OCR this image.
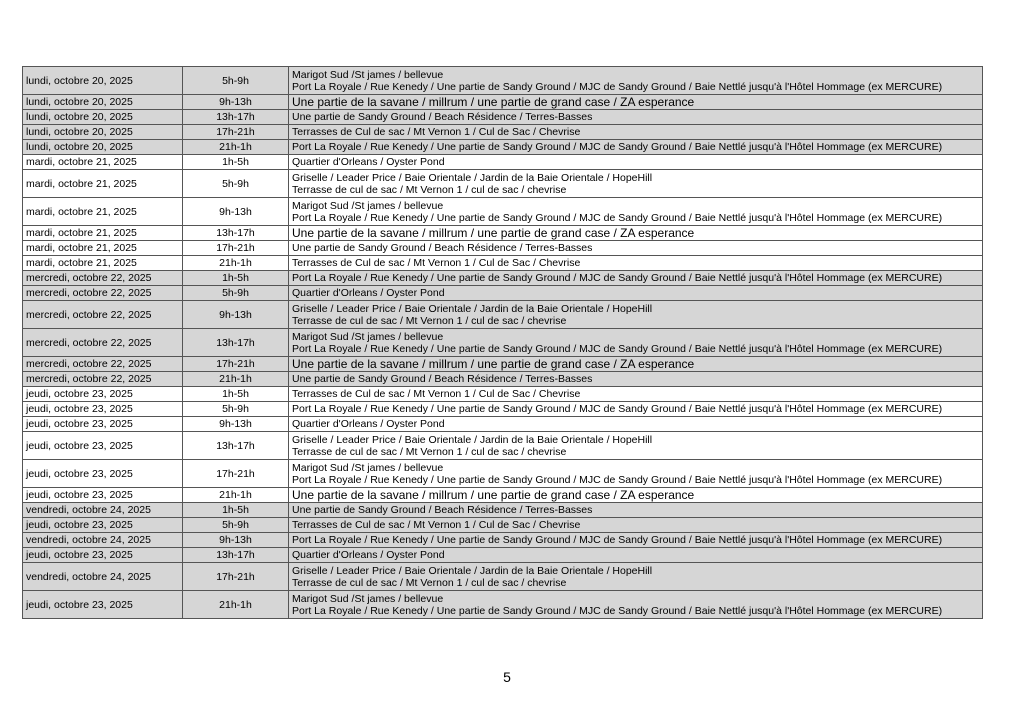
lundi, octobre 20, 2025	5h-9h	Marigot Sud /St james / bellevue
Port La Royale / Rue Kenedy / Une partie de Sandy Ground / MJC de Sandy Ground / Baie Nettlé jusqu'à l'Hôtel Hommage (ex MERCURE)

lundi, octobre 20, 2025	9h-13h	Une partie de la savane / millrum / une partie de grand case / ZA esperance

lundi, octobre 20, 2025	13h-17h	Une partie de Sandy Ground / Beach Résidence / Terres-Basses

lundi, octobre 20, 2025	17h-21h	Terrasses de Cul de sac / Mt Vernon 1 / Cul de Sac / Chevrise

lundi, octobre 20, 2025	21h-1h	Port La Royale / Rue Kenedy / Une partie de Sandy Ground / MJC de Sandy Ground / Baie Nettlé jusqu'à l'Hôtel Hommage (ex MERCURE)

mardi, octobre 21, 2025	1h-5h	Quartier d'Orleans / Oyster Pond

mardi, octobre 21, 2025	5h-9h	Griselle / Leader Price / Baie Orientale / Jardin de la Baie Orientale / HopeHill
Terrasse de cul de sac / Mt Vernon 1 / cul de sac / chevrise

mardi, octobre 21, 2025	9h-13h	Marigot Sud /St james / bellevue
Port La Royale / Rue Kenedy / Une partie de Sandy Ground / MJC de Sandy Ground / Baie Nettlé jusqu'à l'Hôtel Hommage (ex MERCURE)

mardi, octobre 21, 2025	13h-17h	Une partie de la savane / millrum / une partie de grand case / ZA esperance

mardi, octobre 21, 2025	17h-21h	Une partie de Sandy Ground / Beach Résidence / Terres-Basses

mardi, octobre 21, 2025	21h-1h	Terrasses de Cul de sac / Mt Vernon 1 / Cul de Sac / Chevrise

mercredi, octobre 22, 2025	1h-5h	Port La Royale / Rue Kenedy / Une partie de Sandy Ground / MJC de Sandy Ground / Baie Nettlé jusqu'à l'Hôtel Hommage (ex MERCURE)

mercredi, octobre 22, 2025	5h-9h	Quartier d'Orleans / Oyster Pond

mercredi, octobre 22, 2025	9h-13h	Griselle / Leader Price / Baie Orientale / Jardin de la Baie Orientale / HopeHill
Terrasse de cul de sac / Mt Vernon 1 / cul de sac / chevrise

mercredi, octobre 22, 2025	13h-17h	Marigot Sud /St james / bellevue
Port La Royale / Rue Kenedy / Une partie de Sandy Ground / MJC de Sandy Ground / Baie Nettlé jusqu'à l'Hôtel Hommage (ex MERCURE)

mercredi, octobre 22, 2025	17h-21h	Une partie de la savane / millrum / une partie de grand case / ZA esperance

mercredi, octobre 22, 2025	21h-1h	Une partie de Sandy Ground / Beach Résidence / Terres-Basses

jeudi, octobre 23, 2025	1h-5h	Terrasses de Cul de sac / Mt Vernon 1 / Cul de Sac / Chevrise

jeudi, octobre 23, 2025	5h-9h	Port La Royale / Rue Kenedy / Une partie de Sandy Ground / MJC de Sandy Ground / Baie Nettlé jusqu'à l'Hôtel Hommage (ex MERCURE)

jeudi, octobre 23, 2025	9h-13h	Quartier d'Orleans / Oyster Pond

jeudi, octobre 23, 2025	13h-17h	Griselle / Leader Price / Baie Orientale / Jardin de la Baie Orientale / HopeHill
Terrasse de cul de sac / Mt Vernon 1 / cul de sac / chevrise

jeudi, octobre 23, 2025	17h-21h	Marigot Sud /St james / bellevue
Port La Royale / Rue Kenedy / Une partie de Sandy Ground / MJC de Sandy Ground / Baie Nettlé jusqu'à l'Hôtel Hommage (ex MERCURE)

jeudi, octobre 23, 2025	21h-1h	Une partie de la savane / millrum / une partie de grand case / ZA esperance

vendredi, octobre 24, 2025	1h-5h	Une partie de Sandy Ground / Beach Résidence / Terres-Basses

jeudi, octobre 23, 2025	5h-9h	Terrasses de Cul de sac / Mt Vernon 1 / Cul de Sac / Chevrise

vendredi, octobre 24, 2025	9h-13h	Port La Royale / Rue Kenedy / Une partie de Sandy Ground / MJC de Sandy Ground / Baie Nettlé jusqu'à l'Hôtel Hommage (ex MERCURE)

jeudi, octobre 23, 2025	13h-17h	Quartier d'Orleans / Oyster Pond

vendredi, octobre 24, 2025	17h-21h	Griselle / Leader Price / Baie Orientale / Jardin de la Baie Orientale / HopeHill
Terrasse de cul de sac / Mt Vernon 1 / cul de sac / chevrise

jeudi, octobre 23, 2025	21h-1h	Marigot Sud /St james / bellevue
Port La Royale / Rue Kenedy / Une partie de Sandy Ground / MJC de Sandy Ground / Baie Nettlé jusqu'à l'Hôtel Hommage (ex MERCURE)
5
